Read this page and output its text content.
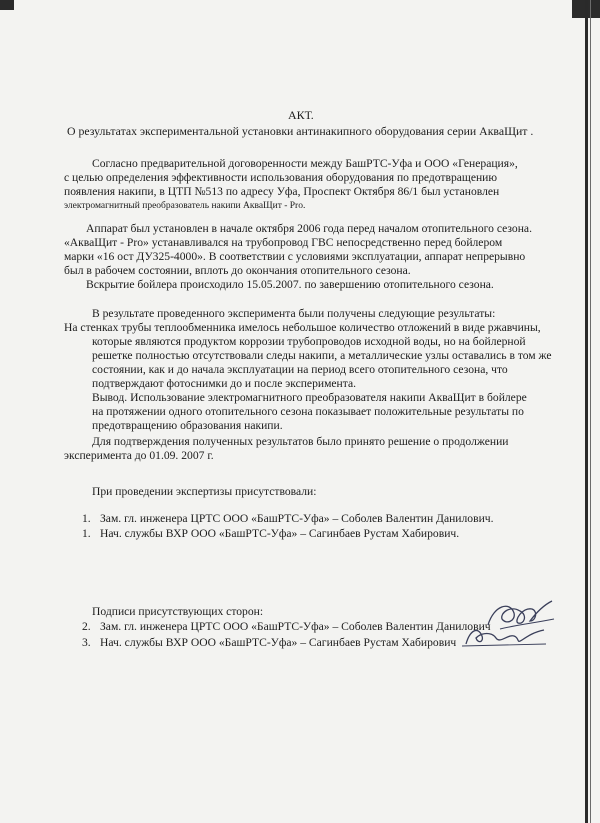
АКТ.
О результатах экспериментальной установки антинакипного оборудования серии АкваЩит .
Согласно предварительной договоренности между БашРТС-Уфа и ООО «Генерация»,
с целью определения эффективности использования оборудования по предотвращению
появления накипи, в ЦТП №513 по адресу Уфа, Проспект Октября 86/1 был установлен
электромагнитный преобразователь накипи АкваЩит - Pro.
Аппарат был установлен в начале октября 2006 года перед началом отопительного сезона.
«АкваЩит - Pro» устанавливался на трубопровод ГВС непосредственно перед бойлером
марки «16 ост ДУ325-4000». В соответствии с условиями эксплуатации, аппарат непрерывно
был в рабочем состоянии, вплоть до окончания отопительного сезона.
Вскрытие бойлера происходило 15.05.2007. по завершению отопительного сезона.
В результате проведенного эксперимента были получены следующие результаты:
На стенках трубы теплообменника имелось небольшое количество отложений в виде ржавчины,
которые являются продуктом коррозии трубопроводов исходной воды, но на бойлерной
решетке полностью отсутствовали следы накипи, а металлические узлы оставались в том же
состоянии, как и до начала эксплуатации на период всего отопительного сезона, что
подтверждают фотоснимки до и после эксперимента.
Вывод. Использование электромагнитного преобразователя накипи АкваЩит в бойлере
на протяжении одного отопительного сезона показывает положительные результаты по
предотвращению образования накипи.
Для подтверждения полученных результатов было принято решение о продолжении
эксперимента до 01.09. 2007 г.
При проведении экспертизы присутствовали:
1. Зам. гл. инженера ЦРТС ООО «БашРТС-Уфа» – Соболев Валентин Данилович.
1. Нач. службы ВХР ООО «БашРТС-Уфа» – Сагинбаев Рустам Хабирович.
Подписи присутствующих сторон:
2. Зам. гл. инженера ЦРТС ООО «БашРТС-Уфа» – Соболев Валентин Данилович
3. Нач. службы ВХР ООО «БашРТС-Уфа» – Сагинбаев Рустам Хабирович
